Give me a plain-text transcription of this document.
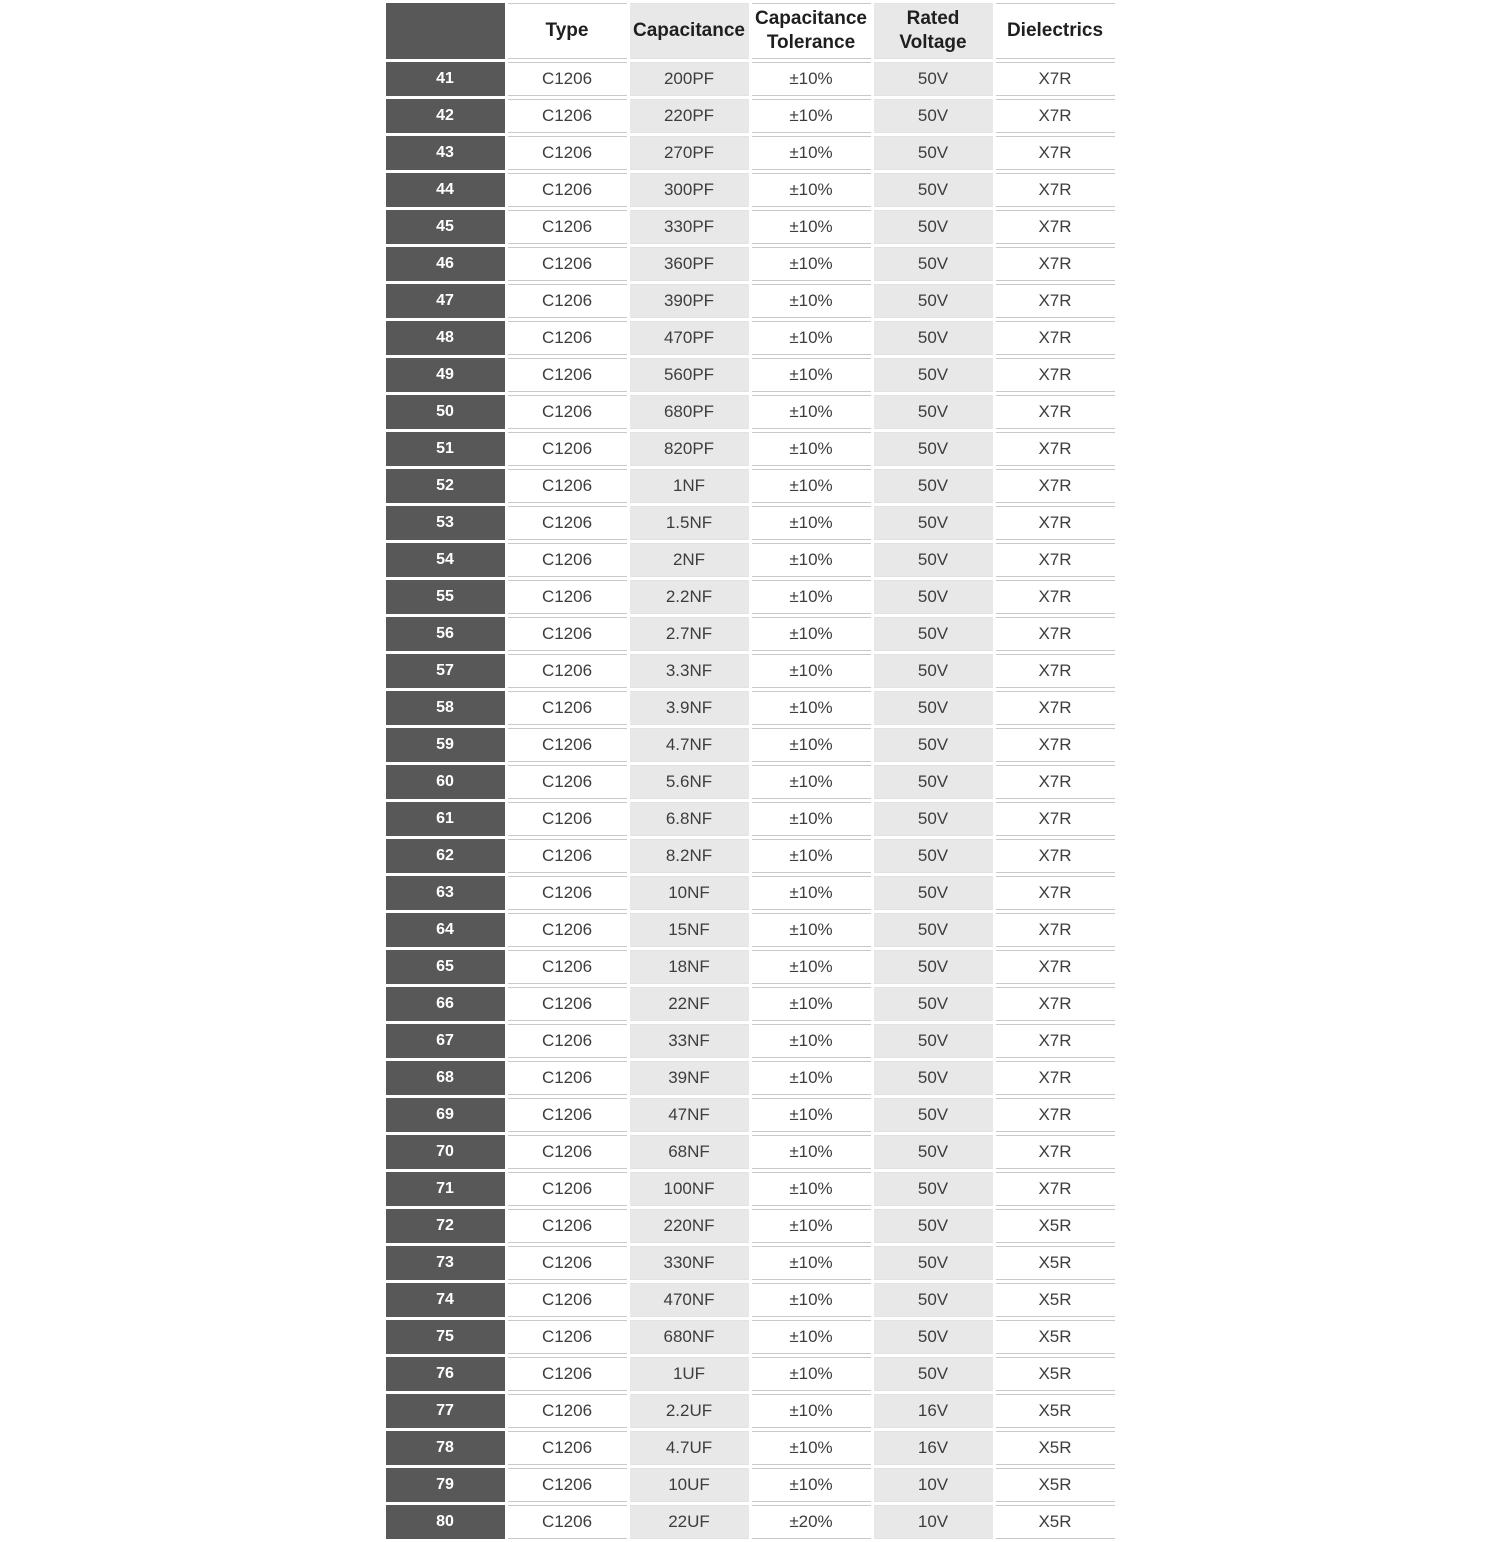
	Type	Capacitance	Capacitance Tolerance	Rated Voltage	Dielectrics
41	C1206	200PF	±10%	50V	X7R
42	C1206	220PF	±10%	50V	X7R
43	C1206	270PF	±10%	50V	X7R
44	C1206	300PF	±10%	50V	X7R
45	C1206	330PF	±10%	50V	X7R
46	C1206	360PF	±10%	50V	X7R
47	C1206	390PF	±10%	50V	X7R
48	C1206	470PF	±10%	50V	X7R
49	C1206	560PF	±10%	50V	X7R
50	C1206	680PF	±10%	50V	X7R
51	C1206	820PF	±10%	50V	X7R
52	C1206	1NF	±10%	50V	X7R
53	C1206	1.5NF	±10%	50V	X7R
54	C1206	2NF	±10%	50V	X7R
55	C1206	2.2NF	±10%	50V	X7R
56	C1206	2.7NF	±10%	50V	X7R
57	C1206	3.3NF	±10%	50V	X7R
58	C1206	3.9NF	±10%	50V	X7R
59	C1206	4.7NF	±10%	50V	X7R
60	C1206	5.6NF	±10%	50V	X7R
61	C1206	6.8NF	±10%	50V	X7R
62	C1206	8.2NF	±10%	50V	X7R
63	C1206	10NF	±10%	50V	X7R
64	C1206	15NF	±10%	50V	X7R
65	C1206	18NF	±10%	50V	X7R
66	C1206	22NF	±10%	50V	X7R
67	C1206	33NF	±10%	50V	X7R
68	C1206	39NF	±10%	50V	X7R
69	C1206	47NF	±10%	50V	X7R
70	C1206	68NF	±10%	50V	X7R
71	C1206	100NF	±10%	50V	X7R
72	C1206	220NF	±10%	50V	X5R
73	C1206	330NF	±10%	50V	X5R
74	C1206	470NF	±10%	50V	X5R
75	C1206	680NF	±10%	50V	X5R
76	C1206	1UF	±10%	50V	X5R
77	C1206	2.2UF	±10%	16V	X5R
78	C1206	4.7UF	±10%	16V	X5R
79	C1206	10UF	±10%	10V	X5R
80	C1206	22UF	±20%	10V	X5R
